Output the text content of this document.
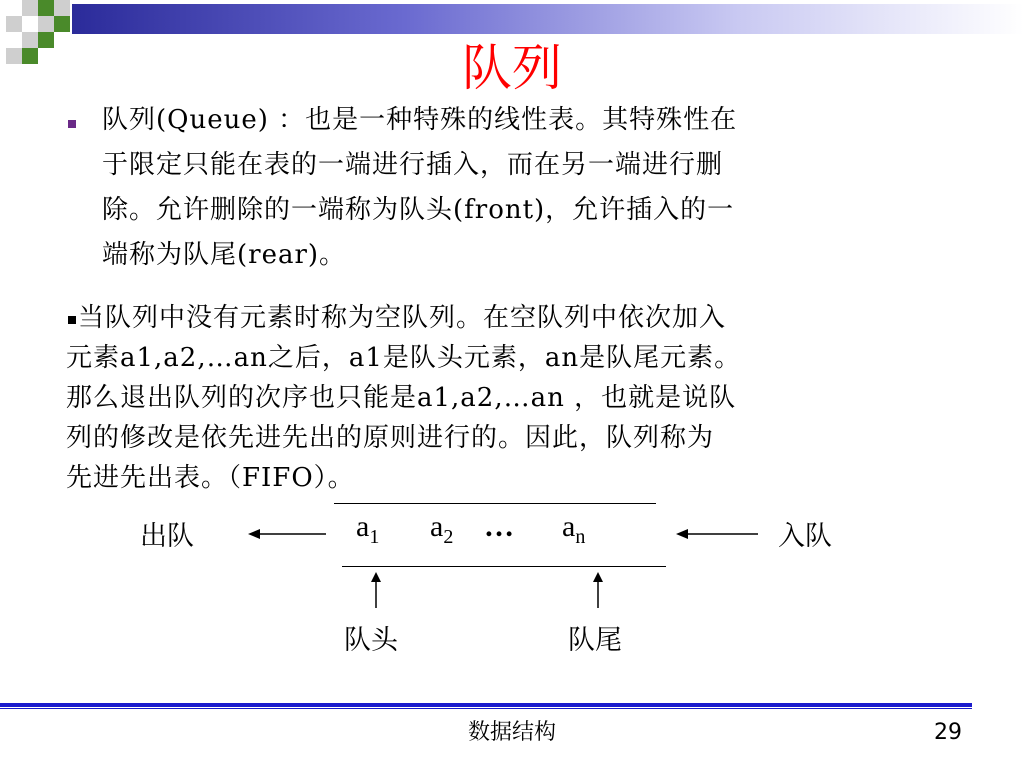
队列
队列(Queue) ：也是一种特殊的线性表。其特殊性在
于限定只能在表的一端进行插入，而在另一端进行删
除。允许删除的一端称为队头(front)，允许插入的一
端称为队尾(rear)。
当队列中没有元素时称为空队列。在空队列中依次加入
元素a1,a2,…an之后，a1是队头元素，an是队尾元素。
那么退出队列的次序也只能是a1,a2,…an ，也就是说队
列的修改是依先进先出的原则进行的。因此，队列称为
先进先出表。（FIFO）。
出队	$a_1$ $a_2$ … $a_n$	入队
队头	队尾
数据结构	29
